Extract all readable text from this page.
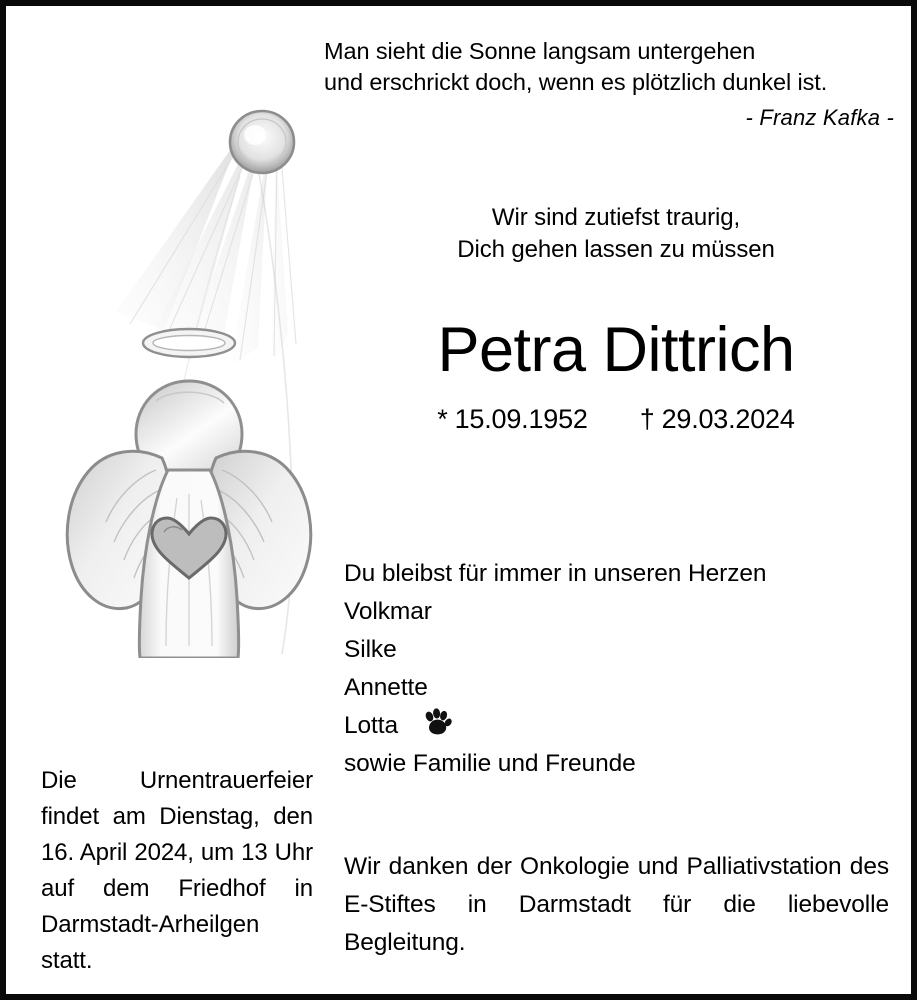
Man sieht die Sonne langsam untergehen
und erschrickt doch, wenn es plötzlich dunkel ist.
- Franz Kafka -
Wir sind zutiefst traurig,
Dich gehen lassen zu müssen
Petra Dittrich
* 15.09.1952 † 29.03.2024
Du bleibst für immer in unseren Herzen
Volkmar
Silke
Annette
Lotta
sowie Familie und Freunde
Die Urnentrauerfeier findet am Dienstag, den 16. April 2024, um 13 Uhr auf dem Friedhof in Darmstadt-Arheilgen statt.
Wir danken der Onkologie und Palliativstation des E-Stiftes in Darmstadt für die liebevolle Begleitung.
